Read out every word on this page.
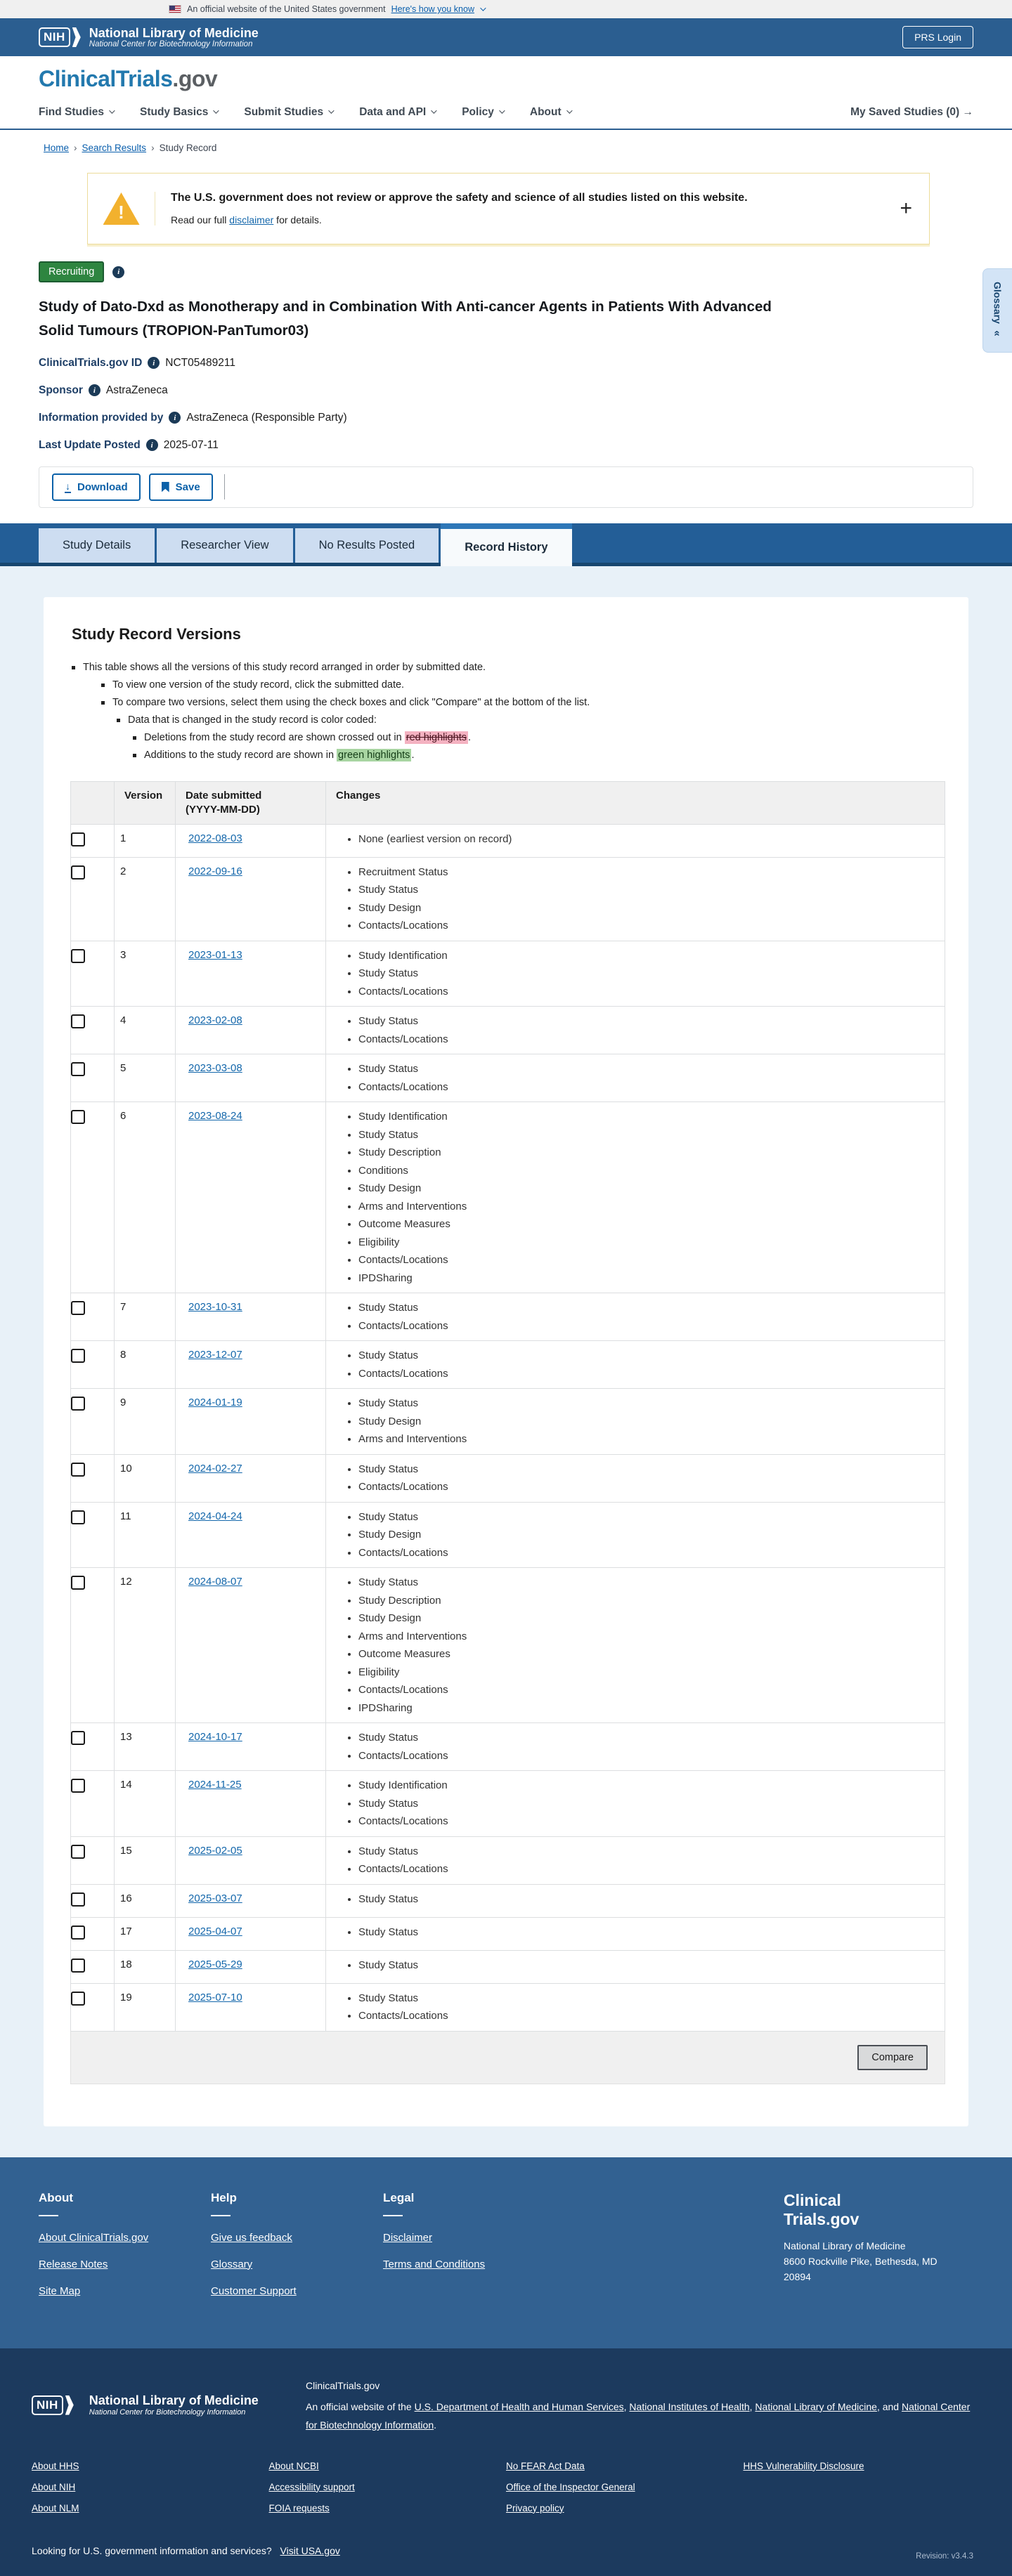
An official website of the United States government Here's how you know
NIH	National Library of Medicine
National Center for Biotechnology Information
PRS Login
ClinicalTrials.gov
Find Studies	Study Basics	Submit Studies	Data and API	Policy	About	My Saved Studies (0) →
Home › Search Results › Study Record
Glossary
«
!
The U.S. government does not review or approve the safety and science of all studies listed on this website.
Read our full disclaimer for details.	+
Recruiting	i
Study of Dato-Dxd as Monotherapy and in Combination With Anti-cancer Agents in Patients With Advanced Solid Tumours (TROPION-PanTumor03)
ClinicalTrials.gov ID	i NCT05489211
Sponsor	i AstraZeneca
Information provided by	i AstraZeneca (Responsible Party)
Last Update Posted	i 2025-07-11
↓ Download	Save
Study Details	Researcher View	No Results Posted	Record History
Study Record Versions
This table shows all the versions of this study record arranged in order by submitted date.
To view one version of the study record, click the submitted date.
To compare two versions, select them using the check boxes and click "Compare" at the bottom of the list.
Data that is changed in the study record is color coded:
Deletions from the study record are shown crossed out in red highlights .
Additions to the study record are shown in green highlights .
	Version	Date submitted
(YYYY-MM-DD)	Changes
	1	2022-08-03	
•None (earliest version on record)

	2	2022-09-16	
•Recruitment Status
• Study Status
• Study Design
• Contacts/Locations

	3	2023-01-13	
•Study Identification
• Study Status
• Contacts/Locations

	4	2023-02-08	
•Study Status
• Contacts/Locations

	5	2023-03-08	
•Study Status
• Contacts/Locations

	6	2023-08-24	
•Study Identification
• Study Status
• Study Description
• Conditions
• Study Design
• Arms and Interventions
• Outcome Measures
• Eligibility
• Contacts/Locations
• IPDSharing

	7	2023-10-31	
•Study Status
• Contacts/Locations

	8	2023-12-07	
•Study Status
• Contacts/Locations

	9	2024-01-19	
•Study Status
• Study Design
• Arms and Interventions

	10	2024-02-27	
•Study Status
• Contacts/Locations

	11	2024-04-24	
•Study Status
• Study Design
• Contacts/Locations

	12	2024-08-07	
•Study Status
• Study Description
• Study Design
• Arms and Interventions
• Outcome Measures
• Eligibility
• Contacts/Locations
• IPDSharing

	13	2024-10-17	
•Study Status
• Contacts/Locations

	14	2024-11-25	
•Study Identification
• Study Status
• Contacts/Locations

	15	2025-02-05	
•Study Status
• Contacts/Locations

	16	2025-03-07	
•Study Status

	17	2025-04-07	
•Study Status

	18	2025-05-29	
•Study Status

	19	2025-07-10	
•Study Status
• Contacts/Locations
Compare
About
About ClinicalTrials.gov
Release Notes
Site Map
Help
Give us feedback
Glossary
Customer Support
Legal
Disclaimer
Terms and Conditions
Clinical
Trials.gov
National Library of Medicine
8600 Rockville Pike, Bethesda, MD
20894
NIH	National Library of Medicine
National Center for Biotechnology Information
ClinicalTrials.gov
An official website of the U.S. Department of Health and Human Services, National Institutes of Health, National Library of Medicine, and National Center for Biotechnology Information.
About HHS
About NIH
About NLM
About NCBI
Accessibility support
FOIA requests
No FEAR Act Data
Office of the Inspector General
Privacy policy
HHS Vulnerability Disclosure
Looking for U.S. government information and services? Visit USA.gov	Revision: v3.4.3
